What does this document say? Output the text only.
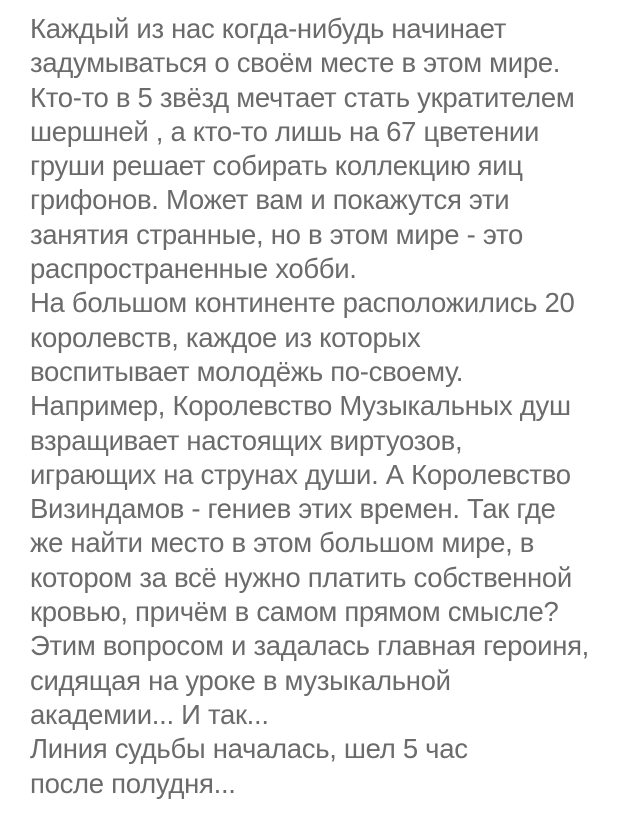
Каждый из нас когда-нибудь начинает
задумываться о своём месте в этом мире.
Кто-то в 5 звёзд мечтает стать укратителем
шершней , а кто-то лишь на 67 цветении
груши решает собирать коллекцию яиц
грифонов. Может вам и покажутся эти
занятия странные, но в этом мире - это
распространенные хобби.
На большом континенте расположились 20
королевств, каждое из которых
воспитывает молодёжь по-своему.
Например, Королевство Музыкальных душ
взращивает настоящих виртуозов,
играющих на струнах души. А Королевство
Визиндамов - гениев этих времен. Так где
же найти место в этом большом мире, в
котором за всё нужно платить собственной
кровью, причём в самом прямом смысле?
Этим вопросом и задалась главная героиня,
сидящая на уроке в музыкальной
академии... И так...
Линия судьбы началась, шел 5 час
после полудня...
